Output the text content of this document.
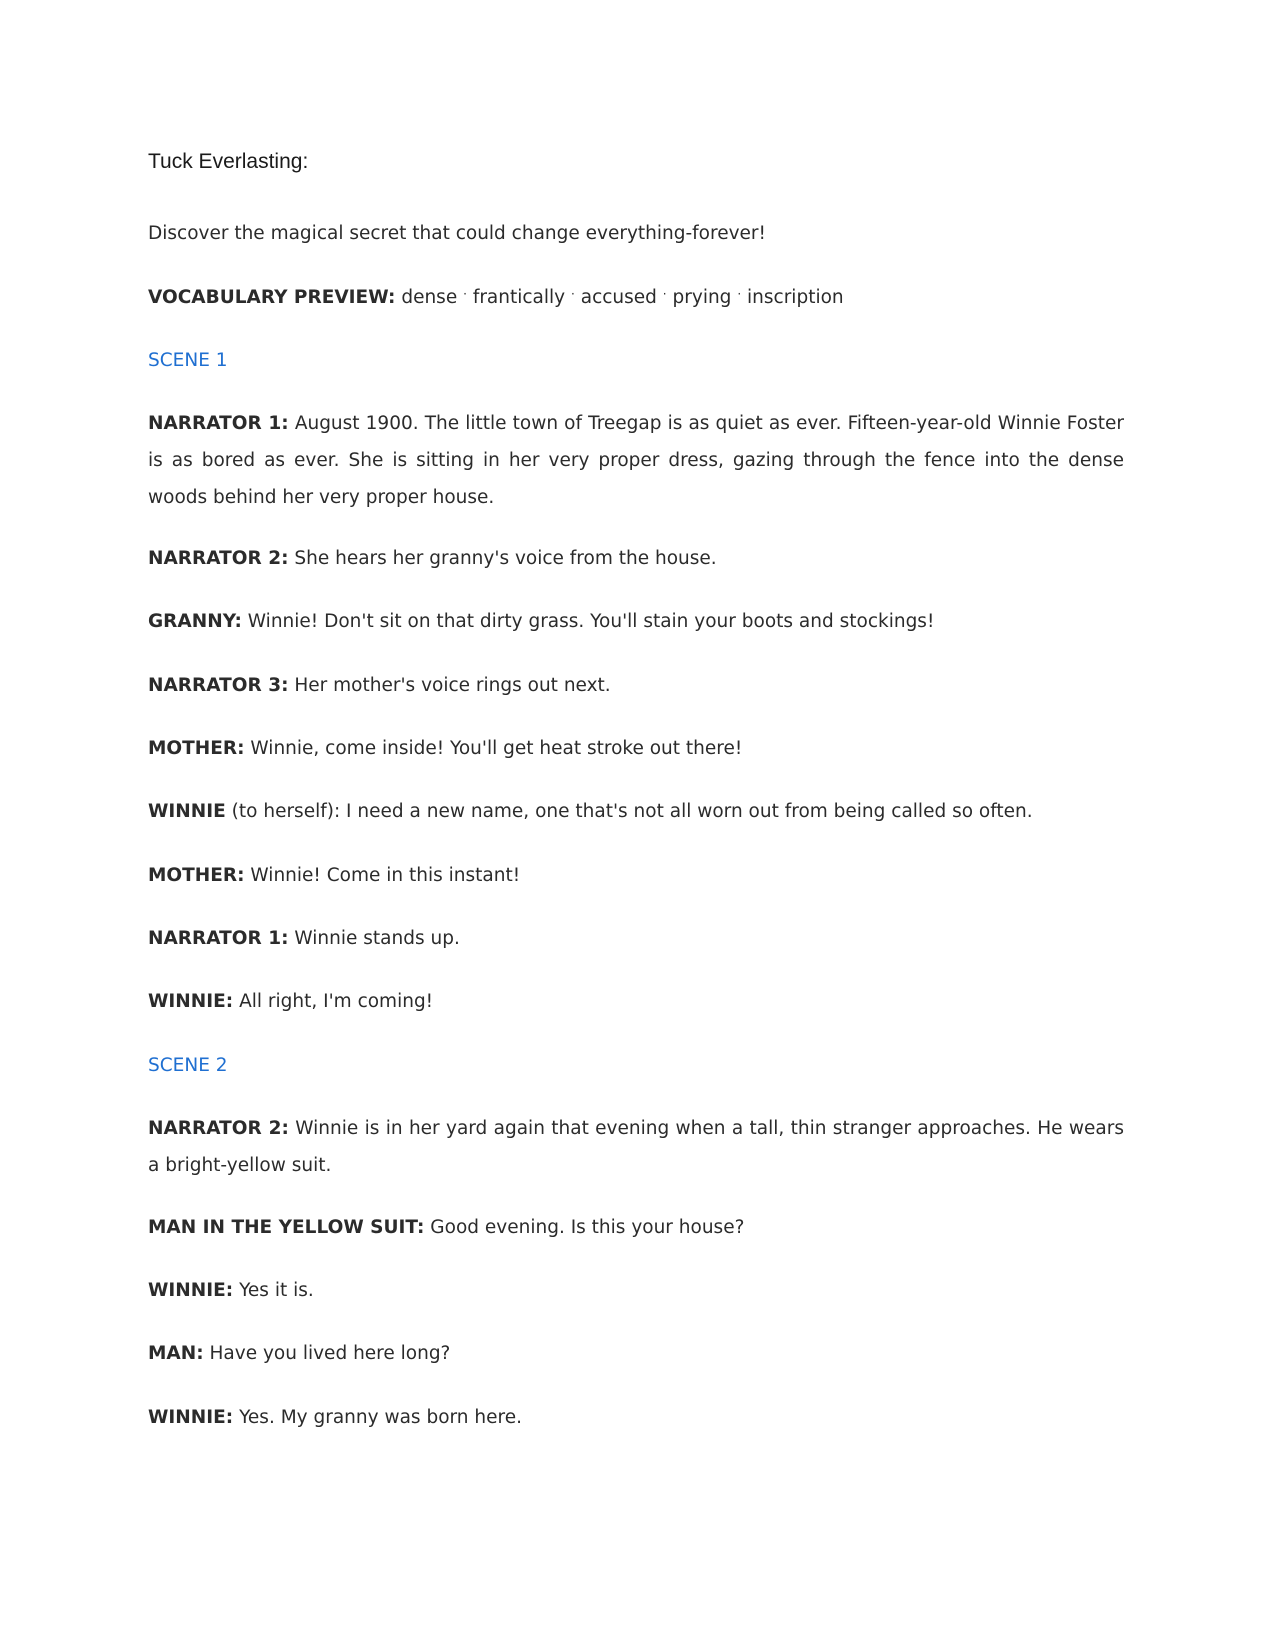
Tuck Everlasting:

Discover the magical secret that could change everything-forever!

VOCABULARY PREVIEW: dense · frantically · accused · prying · inscription

SCENE 1

NARRATOR 1: August 1900. The little town of Treegap is as quiet as ever. Fifteen-year-old Winnie Foster is as bored as ever. She is sitting in her very proper dress, gazing through the fence into the dense woods behind her very proper house.

NARRATOR 2: She hears her granny's voice from the house.

GRANNY: Winnie! Don't sit on that dirty grass. You'll stain your boots and stockings!

NARRATOR 3: Her mother's voice rings out next.

MOTHER: Winnie, come inside! You'll get heat stroke out there!

WINNIE (to herself): I need a new name, one that's not all worn out from being called so often.

MOTHER: Winnie! Come in this instant!

NARRATOR 1: Winnie stands up.

WINNIE: All right, I'm coming!

SCENE 2

NARRATOR 2: Winnie is in her yard again that evening when a tall, thin stranger approaches. He wears a bright-yellow suit.

MAN IN THE YELLOW SUIT: Good evening. Is this your house?

WINNIE: Yes it is.

MAN: Have you lived here long?

WINNIE: Yes. My granny was born here.
